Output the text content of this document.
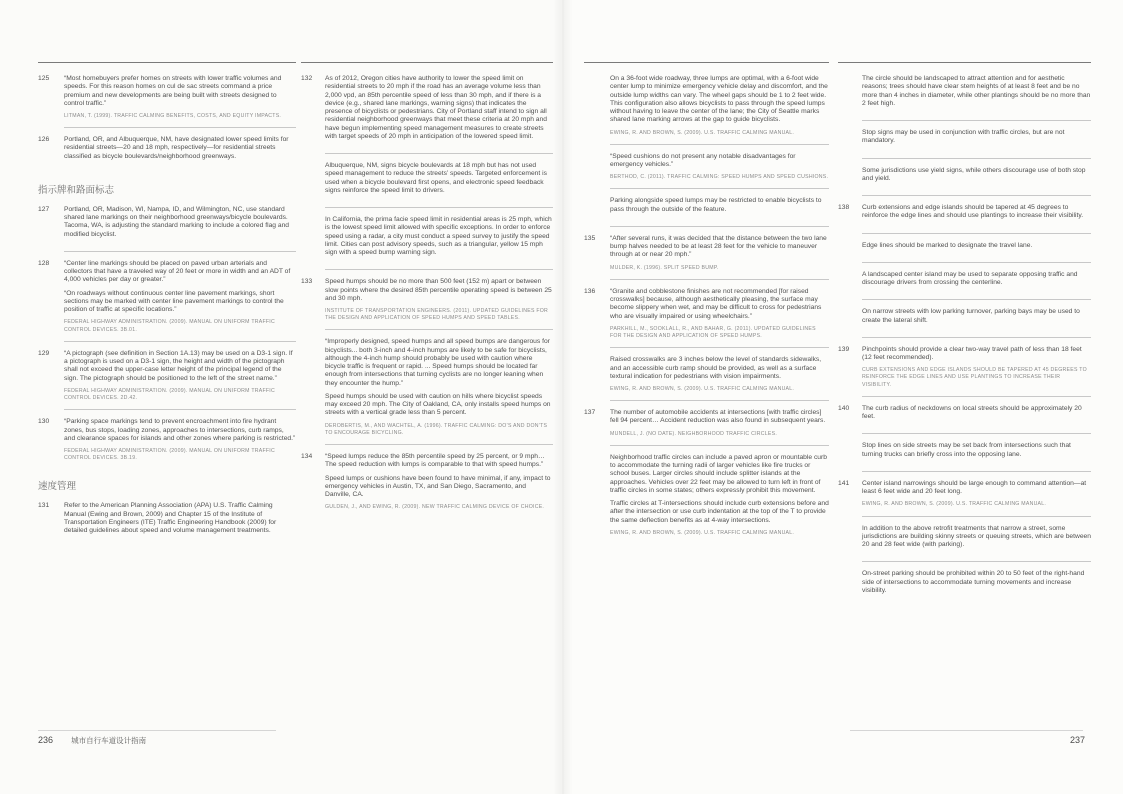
125	“Most homebuyers prefer homes on streets with lower traffic volumes and speeds. For this reason homes on cul de sac streets command a price premium and new developments are being built with streets designed to control traffic.”

LITMAN, T. (1999). TRAFFIC CALMING BENEFITS, COSTS, AND EQUITY IMPACTS.

126	Portland, OR, and Albuquerque, NM, have designated lower speed limits for residential streets—20 and 18 mph, respectively—for residential streets classified as bicycle boulevards/neighborhood greenways.

指示牌和路面标志
127	Portland, OR, Madison, WI, Nampa, ID, and Wilmington, NC, use standard shared lane markings on their neighborhood greenways/bicycle boulevards. Tacoma, WA, is adjusting the standard marking to include a colored flag and modified bicyclist.

128	“Center line markings should be placed on paved urban arterials and collectors that have a traveled way of 20 feet or more in width and an ADT of 4,000 vehicles per day or greater.”

“On roadways without continuous center line pavement markings, short sections may be marked with center line pavement markings to control the position of traffic at specific locations.”

FEDERAL HIGHWAY ADMINISTRATION. (2009). MANUAL ON UNIFORM TRAFFIC CONTROL DEVICES. 3B.01.

129	“A pictograph (see definition in Section 1A.13) may be used on a D3-1 sign. If a pictograph is used on a D3-1 sign, the height and width of the pictograph shall not exceed the upper-case letter height of the principal legend of the sign. The pictograph should be positioned to the left of the street name.”

FEDERAL HIGHWAY ADMINISTRATION. (2009). MANUAL ON UNIFORM TRAFFIC CONTROL DEVICES. 2D.42.

130	“Parking space markings tend to prevent encroachment into fire hydrant zones, bus stops, loading zones, approaches to intersections, curb ramps, and clearance spaces for islands and other zones where parking is restricted.”

FEDERAL HIGHWAY ADMINISTRATION. (2009). MANUAL ON UNIFORM TRAFFIC CONTROL DEVICES. 3B.19.

速度管理
131	Refer to the American Planning Association (APA) U.S. Traffic Calming Manual (Ewing and Brown, 2009) and Chapter 15 of the Institute of Transportation Engineers (ITE) Traffic Engineering Handbook (2009) for detailed guidelines about speed and volume management treatments.

132	As of 2012, Oregon cities have authority to lower the speed limit on residential streets to 20 mph if the road has an average volume less than 2,000 vpd, an 85th percentile speed of less than 30 mph, and if there is a device (e.g., shared lane markings, warning signs) that indicates the presence of bicyclists or pedestrians. City of Portland staff intend to sign all residential neighborhood greenways that meet these criteria at 20 mph and have begun implementing speed management measures to create streets with target speeds of 20 mph in anticipation of the lowered speed limit.

Albuquerque, NM, signs bicycle boulevards at 18 mph but has not used speed management to reduce the streets’ speeds. Targeted enforcement is used when a bicycle boulevard first opens, and electronic speed feedback signs reinforce the speed limit to drivers.

In California, the prima facie speed limit in residential areas is 25 mph, which is the lowest speed limit allowed with specific exceptions. In order to enforce speed using a radar, a city must conduct a speed survey to justify the speed limit. Cities can post advisory speeds, such as a triangular, yellow 15 mph sign with a speed bump warning sign.

133	Speed humps should be no more than 500 feet (152 m) apart or between slow points where the desired 85th percentile operating speed is between 25 and 30 mph.

INSTITUTE OF TRANSPORTATION ENGINEERS. (2011). UPDATED GUIDELINES FOR THE DESIGN AND APPLICATION OF SPEED HUMPS AND SPEED TABLES.

“Improperly designed, speed humps and all speed bumps are dangerous for bicyclists... both 3-inch and 4-inch humps are likely to be safe for bicyclists, although the 4-inch hump should probably be used with caution where bicycle traffic is frequent or rapid. ... Speed humps should be located far enough from intersections that turning cyclists are no longer leaning when they encounter the hump.”

Speed humps should be used with caution on hills where bicyclist speeds may exceed 20 mph. The City of Oakland, CA, only installs speed humps on streets with a vertical grade less than 5 percent.

DEROBERTIS, M., AND WACHTEL, A. (1996). TRAFFIC CALMING: DO’S AND DON’TS TO ENCOURAGE BICYCLING.

134	“Speed lumps reduce the 85th percentile speed by 25 percent, or 9 mph… The speed reduction with lumps is comparable to that with speed humps.”

Speed lumps or cushions have been found to have minimal, if any, impact to emergency vehicles in Austin, TX, and San Diego, Sacramento, and Danville, CA.

GULDEN, J., AND EWING, R. (2009). NEW TRAFFIC CALMING DEVICE OF CHOICE.

On a 36-foot wide roadway, three lumps are optimal, with a 6-foot wide center lump to minimize emergency vehicle delay and discomfort, and the outside lump widths can vary. The wheel gaps should be 1 to 2 feet wide. This configuration also allows bicyclists to pass through the speed lumps without having to leave the center of the lane; the City of Seattle marks shared lane marking arrows at the gap to guide bicyclists.

EWING, R. AND BROWN, S. (2009). U.S. TRAFFIC CALMING MANUAL.

“Speed cushions do not present any notable disadvantages for emergency vehicles.”

BERTHOD, C. (2011). TRAFFIC CALMING: SPEED HUMPS AND SPEED CUSHIONS.

Parking alongside speed lumps may be restricted to enable bicyclists to pass through the outside of the feature.

135	“After several runs, it was decided that the distance between the two lane bump halves needed to be at least 28 feet for the vehicle to maneuver through at or near 20 mph.”

MULDER, K. (1996). SPLIT SPEED BUMP.

136	“Granite and cobblestone finishes are not recommended [for raised crosswalks] because, although aesthetically pleasing, the surface may become slippery when wet, and may be difficult to cross for pedestrians who are visually impaired or using wheelchairs.”

PARKHILL, M., SOOKLALL, R., AND BAHAR, G. (2011). UPDATED GUIDELINES FOR THE DESIGN AND APPLICATION OF SPEED HUMPS.

Raised crosswalks are 3 inches below the level of standards sidewalks, and an accessible curb ramp should be provided, as well as a surface textural indication for pedestrians with vision impairments.

EWING, R. AND BROWN, S. (2009). U.S. TRAFFIC CALMING MANUAL.

137	The number of automobile accidents at intersections [with traffic circles] fell 94 percent… Accident reduction was also found in subsequent years.

MUNDELL, J. (NO DATE). NEIGHBORHOOD TRAFFIC CIRCLES.

Neighborhood traffic circles can include a paved apron or mountable curb to accommodate the turning radii of larger vehicles like fire trucks or school buses. Larger circles should include splitter islands at the approaches. Vehicles over 22 feet may be allowed to turn left in front of traffic circles in some states; others expressly prohibit this movement.

Traffic circles at T-intersections should include curb extensions before and after the intersection or use curb indentation at the top of the T to provide the same deflection benefits as at 4-way intersections.

EWING, R. AND BROWN, S. (2009). U.S. TRAFFIC CALMING MANUAL.

The circle should be landscaped to attract attention and for aesthetic reasons; trees should have clear stem heights of at least 8 feet and be no more than 4 inches in diameter, while other plantings should be no more than 2 feet high.

Stop signs may be used in conjunction with traffic circles, but are not mandatory.

Some jurisdictions use yield signs, while others discourage use of both stop and yield.

138	Curb extensions and edge islands should be tapered at 45 degrees to reinforce the edge lines and should use plantings to increase their visibility.

Edge lines should be marked to designate the travel lane.

A landscaped center island may be used to separate opposing traffic and discourage drivers from crossing the centerline.

On narrow streets with low parking turnover, parking bays may be used to create the lateral shift.

139	Pinchpoints should provide a clear two-way travel path of less than 18 feet (12 feet recommended).

CURB EXTENSIONS AND EDGE ISLANDS SHOULD BE TAPERED AT 45 DEGREES TO REINFORCE THE EDGE LINES AND USE PLANTINGS TO INCREASE THEIR VISIBILITY.

140	The curb radius of neckdowns on local streets should be approximately 20 feet.

Stop lines on side streets may be set back from intersections such that turning trucks can briefly cross into the opposing lane.

141	Center island narrowings should be large enough to command attention—at least 6 feet wide and 20 feet long.

EWING, R. AND BROWN, S. (2009). U.S. TRAFFIC CALMING MANUAL.

In addition to the above retrofit treatments that narrow a street, some jurisdictions are building skinny streets or queuing streets, which are between 20 and 28 feet wide (with parking).

On-street parking should be prohibited within 20 to 50 feet of the right-hand side of intersections to accommodate turning movements and increase visibility.

236 城市自行车道设计指南	237
